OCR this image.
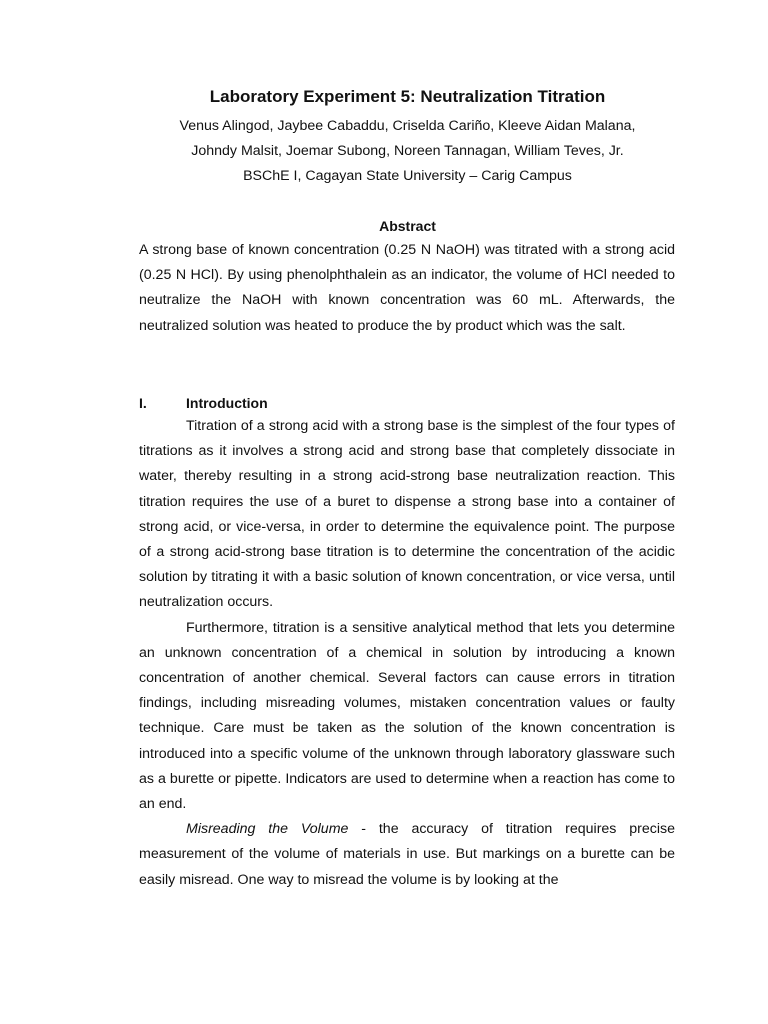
Laboratory Experiment 5: Neutralization Titration
Venus Alingod, Jaybee Cabaddu, Criselda Cariño, Kleeve Aidan Malana,
Johndy Malsit, Joemar Subong, Noreen Tannagan, William Teves, Jr.
BSChE I, Cagayan State University – Carig Campus
Abstract
A strong base of known concentration (0.25 N NaOH) was titrated with a strong acid (0.25 N HCl). By using phenolphthalein as an indicator, the volume of HCl needed to neutralize the NaOH with known concentration was 60 mL. Afterwards, the neutralized solution was heated to produce the by product which was the salt.
I.	Introduction

Titration of a strong acid with a strong base is the simplest of the four types of titrations as it involves a strong acid and strong base that completely dissociate in water, thereby resulting in a strong acid-strong base neutralization reaction. This titration requires the use of a buret to dispense a strong base into a container of strong acid, or vice-versa, in order to determine the equivalence point. The purpose of a strong acid-strong base titration is to determine the concentration of the acidic solution by titrating it with a basic solution of known concentration, or vice versa, until neutralization occurs.

Furthermore, titration is a sensitive analytical method that lets you determine an unknown concentration of a chemical in solution by introducing a known concentration of another chemical. Several factors can cause errors in titration findings, including misreading volumes, mistaken concentration values or faulty technique. Care must be taken as the solution of the known concentration is introduced into a specific volume of the unknown through laboratory glassware such as a burette or pipette. Indicators are used to determine when a reaction has come to an end.

Misreading the Volume - the accuracy of titration requires precise measurement of the volume of materials in use. But markings on a burette can be easily misread. One way to misread the volume is by looking at the
